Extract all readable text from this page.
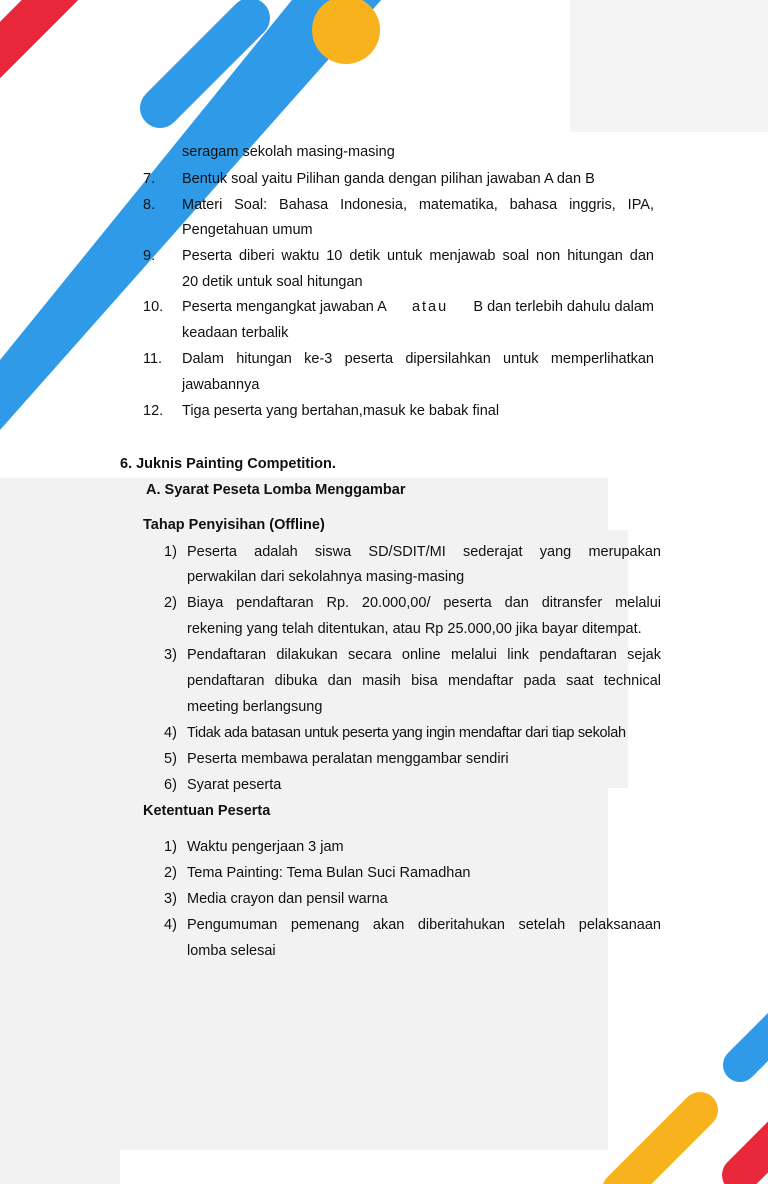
seragam sekolah masing-masing
7. Bentuk soal yaitu Pilihan ganda dengan pilihan jawaban A dan B
8. Materi Soal: Bahasa Indonesia, matematika, bahasa inggris, IPA,
Pengetahuan umum
9. Peserta diberi waktu 10 detik untuk menjawab soal non hitungan dan
20 detik untuk soal hitungan
10. Peserta mengangkat jawaban A atau B dan terlebih dahulu dalam
keadaan terbalik
11. Dalam hitungan ke-3 peserta dipersilahkan untuk memperlihatkan
jawabannya
12. Tiga peserta yang bertahan,masuk ke babak final
6. Juknis Painting Competition.
A. Syarat Peseta Lomba Menggambar
Tahap Penyisihan (Offline)
1) Peserta adalah siswa SD/SDIT/MI sederajat yang merupakan
perwakilan dari sekolahnya masing-masing
2) Biaya pendaftaran Rp. 20.000,00/ peserta dan ditransfer melalui
rekening yang telah ditentukan, atau Rp 25.000,00 jika bayar ditempat.
3) Pendaftaran dilakukan secara online melalui link pendaftaran sejak
pendaftaran dibuka dan masih bisa mendaftar pada saat technical
meeting berlangsung
4) Tidak ada batasan untuk peserta yang ingin mendaftar dari tiap sekolah
5) Peserta membawa peralatan menggambar sendiri
6) Syarat peserta
Ketentuan Peserta
1) Waktu pengerjaan 3 jam
2) Tema Painting: Tema Bulan Suci Ramadhan
3) Media crayon dan pensil warna
4) Pengumuman pemenang akan diberitahukan setelah pelaksanaan
lomba selesai
